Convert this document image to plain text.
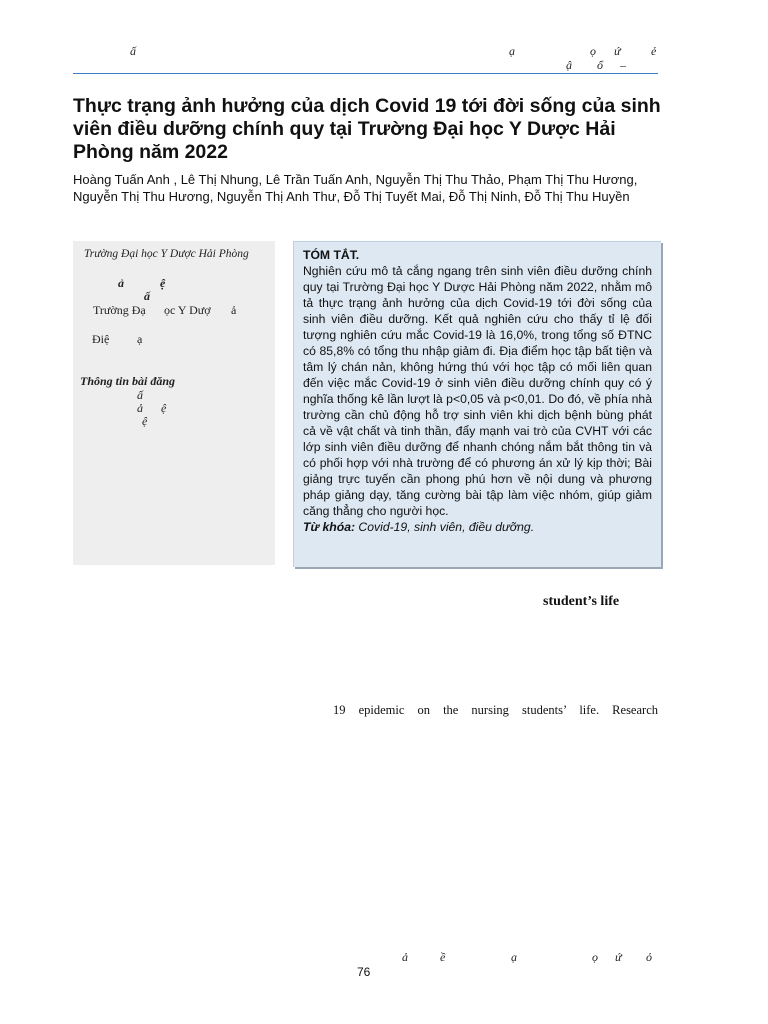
ấ	ạ	ọ ứ	ẻ
ậ ổ –
Thực trạng ảnh hưởng của dịch Covid 19 tới đời sống của sinh viên điều dưỡng chính quy tại Trường Đại học Y Dược Hải Phòng năm 2022

Hoàng Tuấn Anh , Lê Thị Nhung, Lê Trần Tuấn Anh, Nguyễn Thị Thu Thảo, Phạm Thị Thu Hương, Nguyễn Thị Thu Hương, Nguyễn Thị Anh Thư, Đỗ Thị Tuyết Mai, Đỗ Thị Ninh, Đỗ Thị Thu Huyền

Trường Đại học Y Dược Hải Phòng
ả	ệ
ấ
Trường Đạ ọc Y Dượ ả
Điệ ạ
Thông tin bài đăng
ấ
ả ệ
ệ
TÓM TẮT.

Nghiên cứu mô tả cắng ngang trên sinh viên điều dưỡng chính quy tại Trường Đại học Y Dược Hải Phòng năm 2022, nhằm mô tả thực trạng ảnh hưởng của dịch Covid-19 tới đời sống của sinh viên điều dưỡng. Kết quả nghiên cứu cho thấy tỉ lệ đối tượng nghiên cứu mắc Covid-19 là 16,0%, trong tổng số ĐTNC có 85,8% có tổng thu nhập giảm đi. Địa điểm học tập bất tiện và tâm lý chán nản, không hứng thú với học tập có mối liên quan đến việc mắc Covid-19 ở sinh viên điều dưỡng chính quy có ý nghĩa thống kê lần lượt là p<0,05 và p<0,01. Do đó, về phía nhà trường cần chủ động hỗ trợ sinh viên khi dịch bệnh bùng phát cả về vật chất và tinh thần, đẩy mạnh vai trò của CVHT với các lớp sinh viên điều dưỡng để nhanh chóng nắm bắt thông tin và có phối hợp với nhà trường để có phương án xử lý kịp thời; Bài giảng trực tuyến cần phong phú hơn về nội dung và phương pháp giảng dạy, tăng cường bài tập làm việc nhóm, giúp giảm căng thẳng cho người học.

Từ khóa: Covid-19, sinh viên, điều dưỡng.
student’s life
19 epidemic on the nursing students’ life. Research
ả	ề	ạ	ọ ứ ỏ
76
